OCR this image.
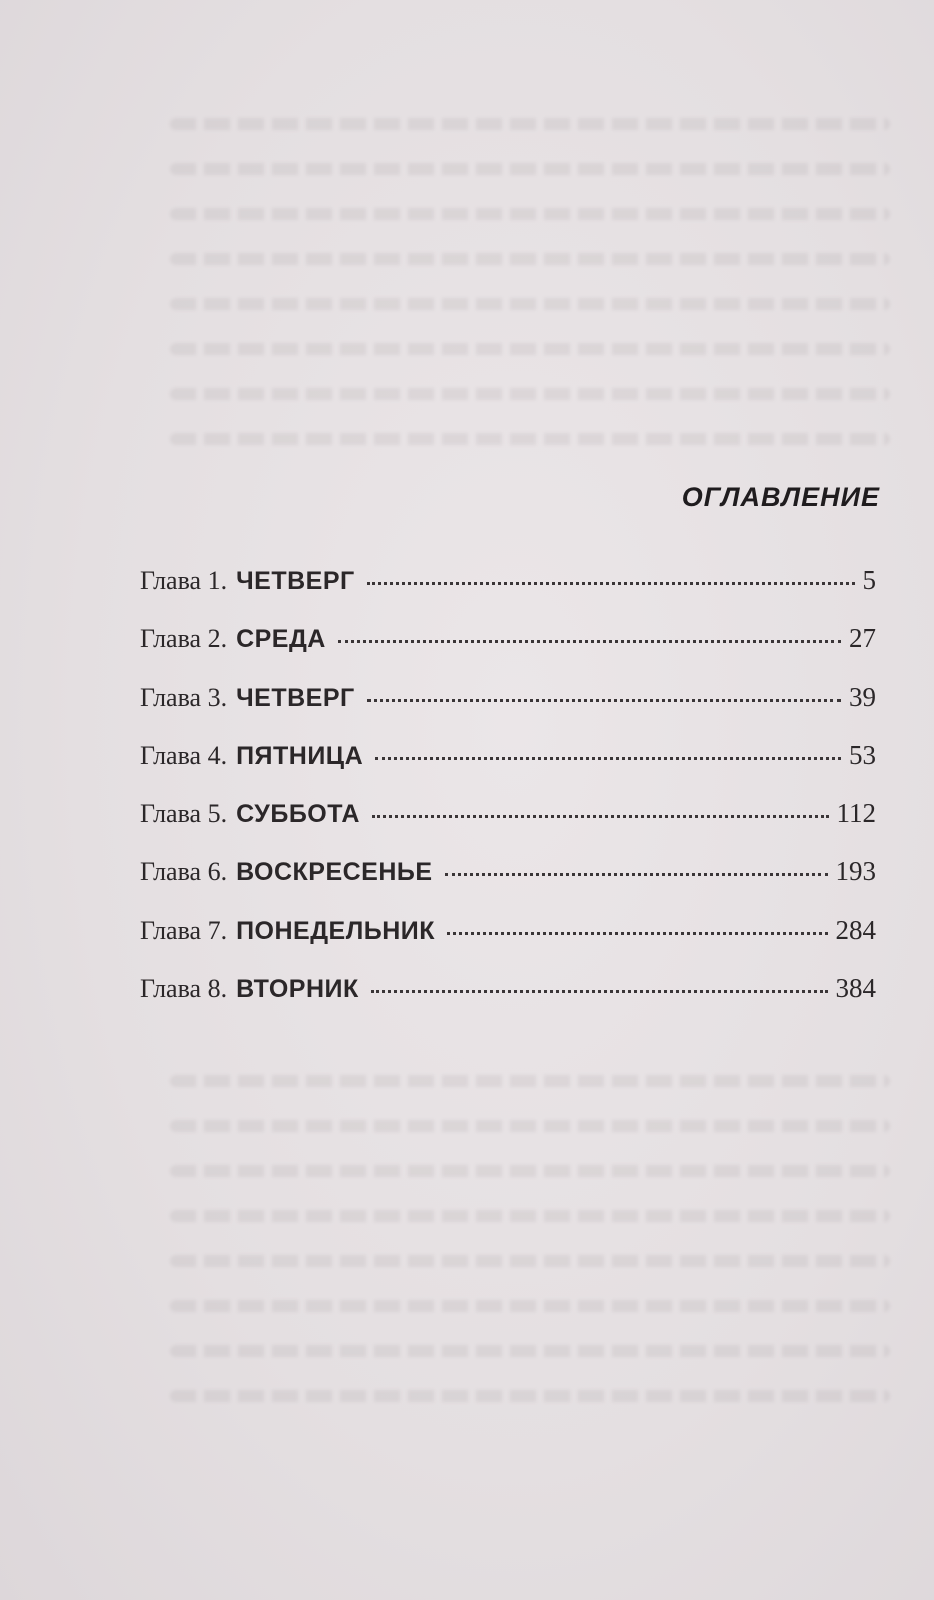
ОГЛАВЛЕНИЕ
Глава 1. ЧЕТВЕРГ	5
Глава 2. СРЕДА	27
Глава 3. ЧЕТВЕРГ	39
Глава 4. ПЯТНИЦА	53
Глава 5. СУББОТА	112
Глава 6. ВОСКРЕСЕНЬЕ	193
Глава 7. ПОНЕДЕЛЬНИК	284
Глава 8. ВТОРНИК	384
